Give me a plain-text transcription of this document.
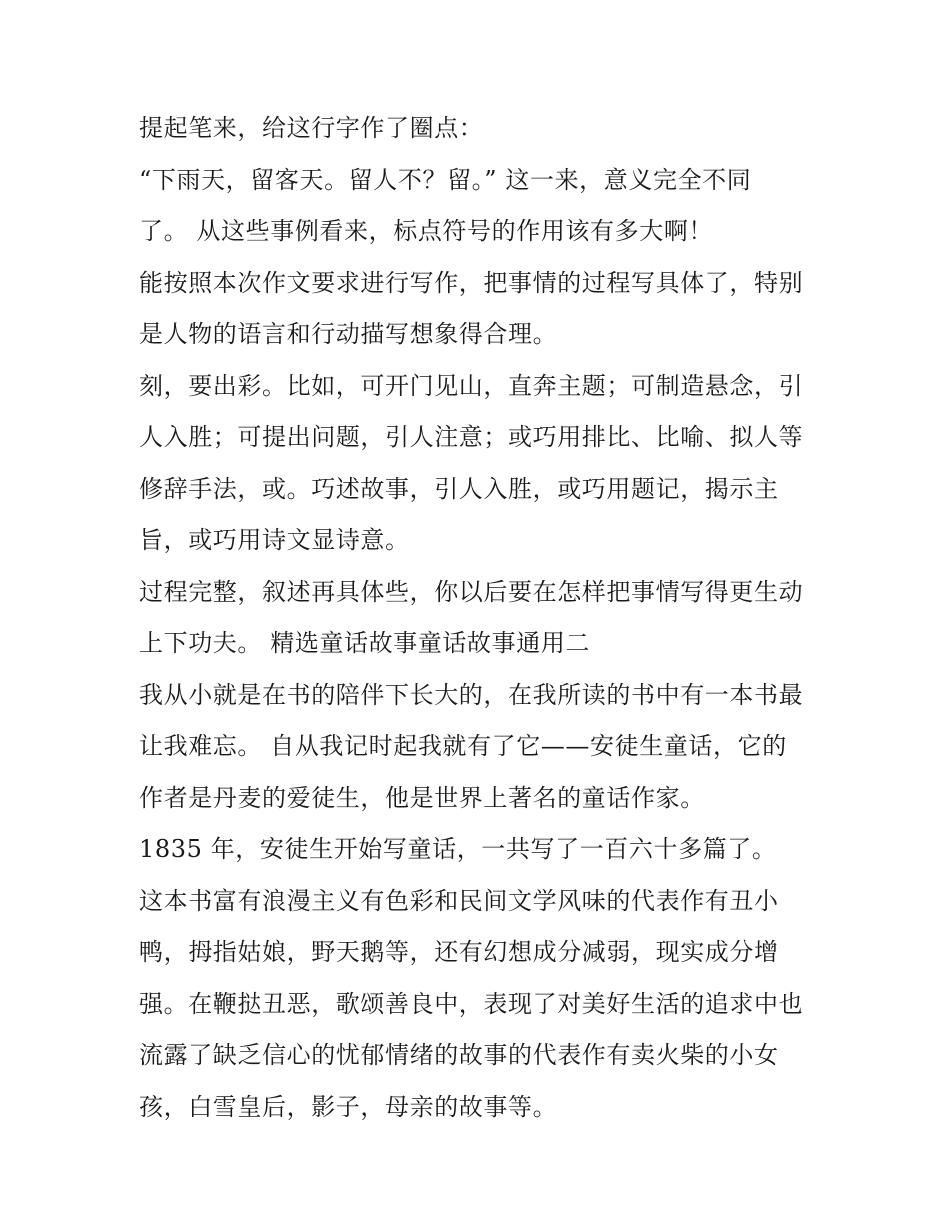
提起笔来，给这行字作了圈点：
“下雨天，留客天。留人不？留。” 这一来，意义完全不同
了。 从这些事例看来，标点符号的作用该有多大啊！
能按照本次作文要求进行写作，把事情的过程写具体了，特别
是人物的语言和行动描写想象得合理。
刻，要出彩。比如，可开门见山，直奔主题；可制造悬念，引
人入胜；可提出问题，引人注意；或巧用排比、比喻、拟人等
修辞手法，或。巧述故事，引人入胜，或巧用题记，揭示主
旨，或巧用诗文显诗意。
过程完整，叙述再具体些，你以后要在怎样把事情写得更生动
上下功夫。 精选童话故事童话故事通用二
我从小就是在书的陪伴下长大的，在我所读的书中有一本书最
让我难忘。 自从我记时起我就有了它——安徒生童话，它的
作者是丹麦的爱徒生，他是世界上著名的童话作家。
1835 年，安徒生开始写童话，一共写了一百六十多篇了。
这本书富有浪漫主义有色彩和民间文学风味的代表作有丑小
鸭，拇指姑娘，野天鹅等，还有幻想成分减弱，现实成分增
强。在鞭挞丑恶，歌颂善良中，表现了对美好生活的追求中也
流露了缺乏信心的忧郁情绪的故事的代表作有卖火柴的小女
孩，白雪皇后，影子，母亲的故事等。
